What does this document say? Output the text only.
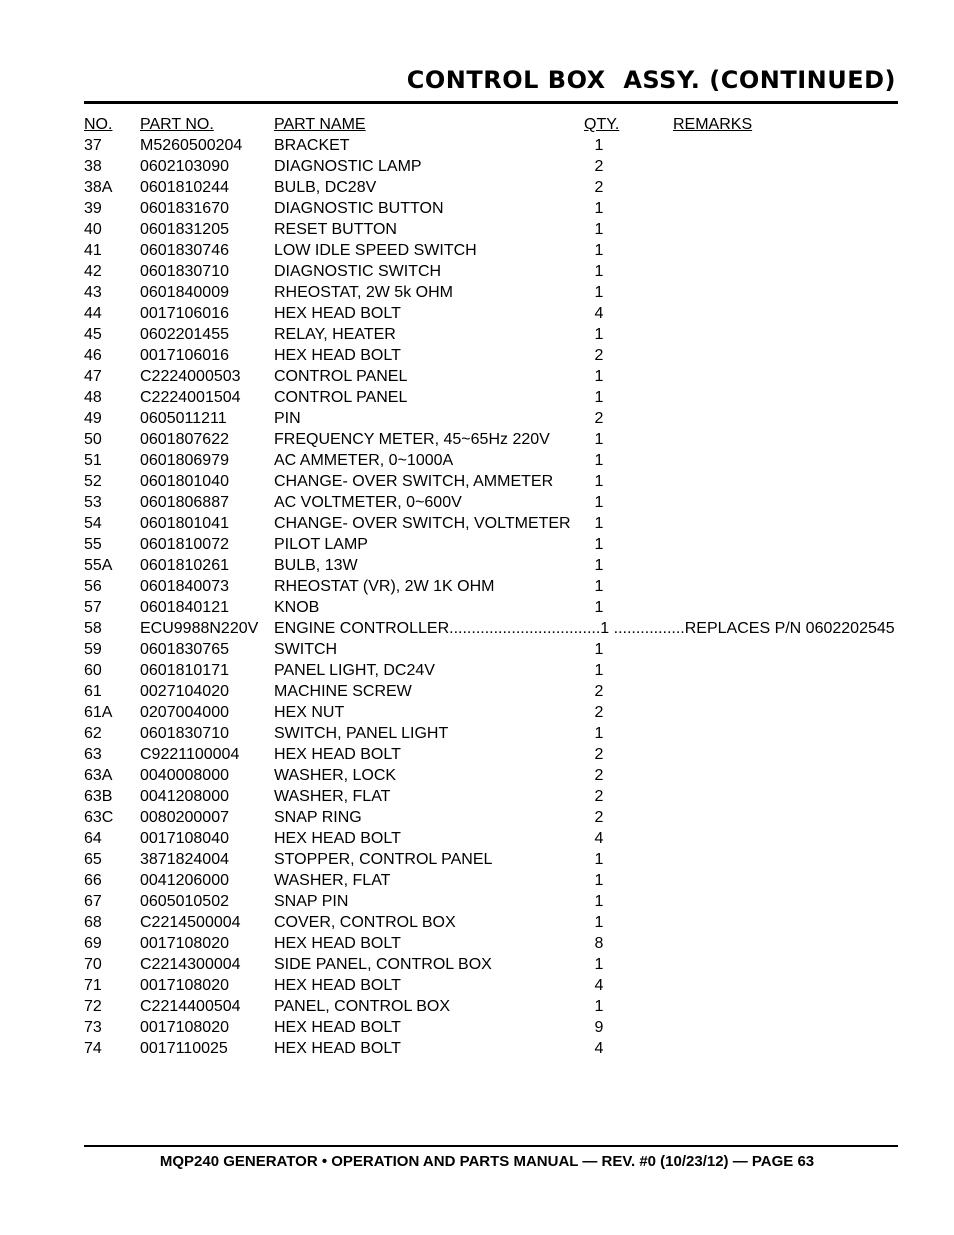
CONTROL BOX  ASSY. (CONTINUED)
NO. PART NO.	PART NAME	QTY.	REMARKS
37 M5260500204 BRACKET	1
38 0602103090	DIAGNOSTIC LAMP	2
38A 0601810244	BULB, DC28V	2
39 0601831670	DIAGNOSTIC BUTTON	1
40 0601831205	RESET BUTTON	1
41 0601830746	LOW IDLE SPEED SWITCH	1
42 0601830710	DIAGNOSTIC SWITCH	1
43 0601840009	RHEOSTAT, 2W 5k OHM	1
44 0017106016	HEX HEAD BOLT	4
45 0602201455	RELAY, HEATER	1
46 0017106016	HEX HEAD BOLT	2
47 C2224000503 CONTROL PANEL	1
48 C2224001504 CONTROL PANEL	1
49 0605011211	PIN	2
50 0601807622	FREQUENCY METER, 45~65Hz 220V	1
51 0601806979	AC AMMETER, 0~1000A	1
52 0601801040	CHANGE- OVER SWITCH, AMMETER	1
53 0601806887	AC VOLTMETER, 0~600V	1
54 0601801041	CHANGE- OVER SWITCH, VOLTMETER	1
55 0601810072	PILOT LAMP	1
55A 0601810261	BULB, 13W	1
56 0601840073	RHEOSTAT (VR), 2W 1K OHM	1
57 0601840121	KNOB	1
58 ECU9988N220V ENGINE CONTROLLER..................................1 ................REPLACES P/N 0602202545
59 0601830765	SWITCH	1
60 0601810171	PANEL LIGHT, DC24V	1
61 0027104020	MACHINE SCREW	2
61A 0207004000	HEX NUT	2
62 0601830710	SWITCH, PANEL LIGHT	1
63 C9221100004 HEX HEAD BOLT	2
63A 0040008000	WASHER, LOCK	2
63B 0041208000	WASHER, FLAT	2
63C 0080200007	SNAP RING	2
64 0017108040	HEX HEAD BOLT	4
65 3871824004	STOPPER, CONTROL PANEL	1
66 0041206000	WASHER, FLAT	1
67 0605010502	SNAP PIN	1
68 C2214500004 COVER, CONTROL BOX	1
69 0017108020	HEX HEAD BOLT	8
70 C2214300004 SIDE PANEL, CONTROL BOX	1
71 0017108020	HEX HEAD BOLT	4
72 C2214400504 PANEL, CONTROL BOX	1
73 0017108020	HEX HEAD BOLT	9
74 0017110025	HEX HEAD BOLT	4
MQP240 GENERATOR • OPERATION AND PARTS MANUAL — REV. #0 (10/23/12) — PAGE 63
